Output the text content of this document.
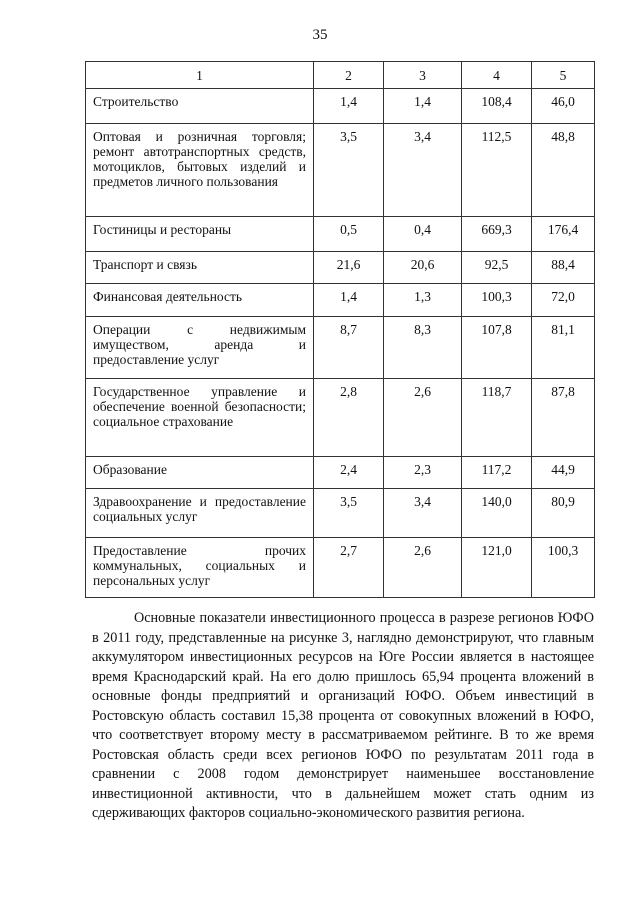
35
1	2	3	4	5
Строительство	1,4	1,4	108,4	46,0
Оптовая и розничная торговля; ремонт автотранспортных средств, мотоциклов, бытовых изделий и предметов личного пользования	3,5	3,4	112,5	48,8
Гостиницы и рестораны	0,5	0,4	669,3	176,4
Транспорт и связь	21,6	20,6	92,5	88,4
Финансовая деятельность	1,4	1,3	100,3	72,0
Операции с недвижимым имуществом, аренда и предоставление услуг	8,7	8,3	107,8	81,1
Государственное управление и обеспечение военной безопасности; социальное страхование	2,8	2,6	118,7	87,8
Образование	2,4	2,3	117,2	44,9
Здравоохранение и предоставление социальных услуг	3,5	3,4	140,0	80,9
Предоставление прочих коммунальных, социальных и персональных услуг	2,7	2,6	121,0	100,3

Основные показатели инвестиционного процесса в разрезе регионов ЮФО в 2011 году, представленные на рисунке 3, наглядно демонстрируют, что главным аккумулятором инвестиционных ресурсов на Юге России является в настоящее время Краснодарский край. На его долю пришлось 65,94 процента вложений в основные фонды предприятий и организаций ЮФО. Объем инвестиций в Ростовскую область составил 15,38 процента от совокупных вложений в ЮФО, что соответствует второму месту в рассматриваемом рейтинге. В то же время Ростовская область среди всех регионов ЮФО по результатам 2011 года в сравнении с 2008 годом демонстрирует наименьшее восстановление инвестиционной активности, что в дальнейшем может стать одним из сдерживающих факторов социально-экономического развития региона.
